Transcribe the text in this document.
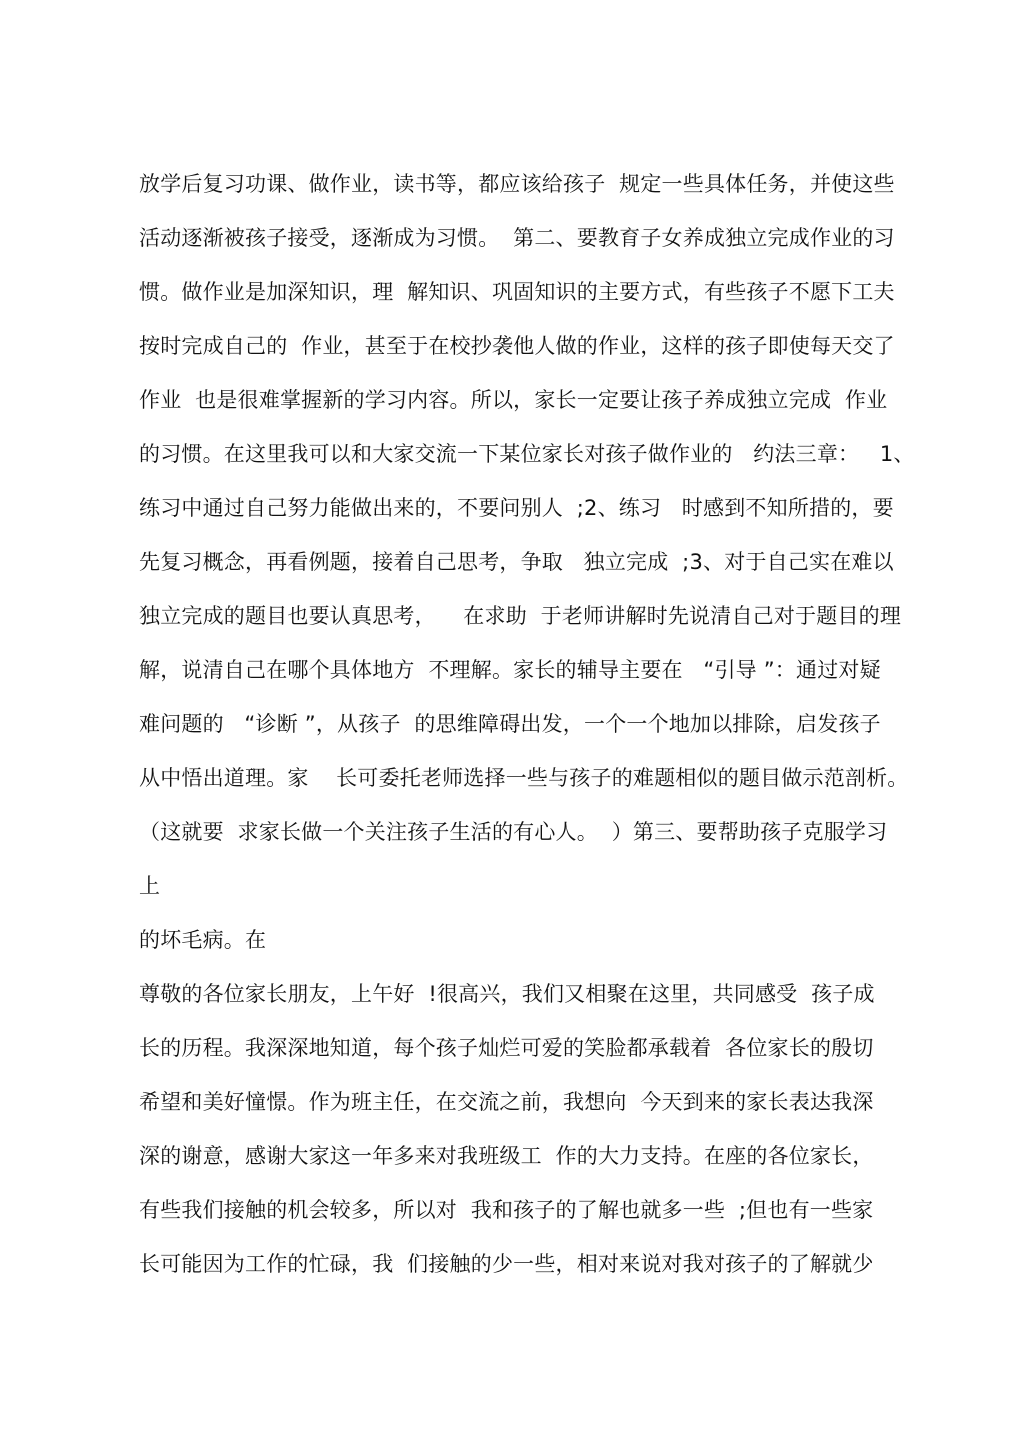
放学后复习功课、做作业，读书等，都应该给孩子  规定一些具体任务，并使这些
活动逐渐被孩子接受，逐渐成为习惯。  第二、要教育子女养成独立完成作业的习
惯。做作业是加深知识，理  解知识、巩固知识的主要方式，有些孩子不愿下工夫
按时完成自己的  作业，甚至于在校抄袭他人做的作业，这样的孩子即使每天交了
作业  也是很难掌握新的学习内容。所以，家长一定要让孩子养成独立完成  作业
的习惯。在这里我可以和大家交流一下某位家长对孩子做作业的   约法三章：   1、
练习中通过自己努力能做出来的，不要问别人  ;2、练习   时感到不知所措的，要
先复习概念，再看例题，接着自己思考，争取   独立完成  ;3、对于自己实在难以
独立完成的题目也要认真思考，    在求助  于老师讲解时先说清自己对于题目的理
解，说清自己在哪个具体地方  不理解。家长的辅导主要在   “引导 ”：通过对疑
难问题的   “诊断 ”，从孩子  的思维障碍出发，一个一个地加以排除，启发孩子
从中悟出道理。家    长可委托老师选择一些与孩子的难题相似的题目做示范剖析。
（这就要  求家长做一个关注孩子生活的有心人。  ）第三、要帮助孩子克服学习
上
的坏毛病。在
尊敬的各位家长朋友，上午好  !很高兴，我们又相聚在这里，共同感受  孩子成
长的历程。我深深地知道，每个孩子灿烂可爱的笑脸都承载着  各位家长的殷切
希望和美好憧憬。作为班主任，在交流之前，我想向  今天到来的家长表达我深
深的谢意，感谢大家这一年多来对我班级工  作的大力支持。在座的各位家长，
有些我们接触的机会较多，所以对  我和孩子的了解也就多一些  ;但也有一些家
长可能因为工作的忙碌，我  们接触的少一些，相对来说对我对孩子的了解就少
